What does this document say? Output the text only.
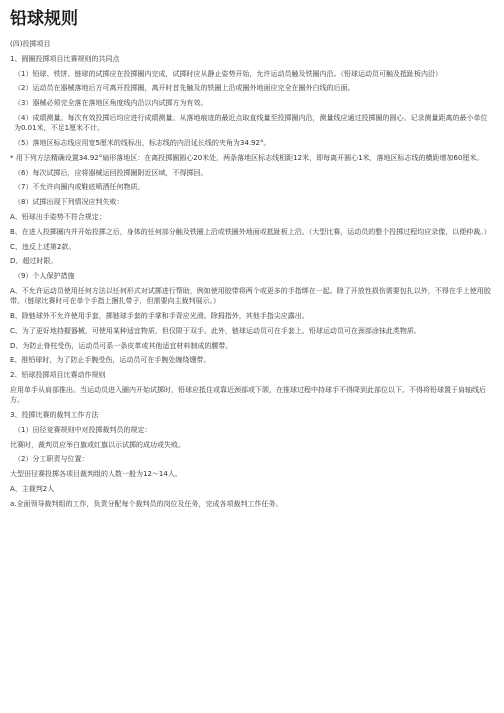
铅球规则

(四)投掷项目

1、圆圈投掷项目比赛规则的共同点

（1）铅球、铁饼、链球的试掷应在投掷圈内完成，试掷时应从静止姿势开始，允许运动员触及铁圈内沿。（铅球运动员可触及抵趾板内沿）

（2）运动员在器械落地后方可离开投掷圈，离开时首先触及的铁圈上沿或圈外地面应完全在圈外白线的后面。

（3）器械必须完全落在落地区角度线内沿以内试掷方为有效。

（4）成绩测量。每次有效投掷后均应进行成绩测量。从落地痕迹的最近点取直线量至投掷圈内沿，测量线应通过投掷圈的圆心。记录测量距离的最小单位为0.01米，不足1厘米不计。

（5）落地区标志线应用宽5厘米的线标出，标志线的内沿延长线的夹角为34.92°。

* 用下列方法精确设置34.92°扇形落地区：在离投掷圈圆心20米处，两条落地区标志线相距12米，即每离开圆心1米，落地区标志线的横距增加60厘米。

（6）每次试掷后，应将器械运回投掷圈附近区域，不得掷回。

（7）不允许向圈内或鞋底喷洒任何物质。

（8）试掷出现下列情况应判失败：

A、铅球出手姿势不符合规定；

B、在进入投掷圈内并开始投掷之后，身体的任何部分触及铁圈上沿或铁圈外地面或抵趾板上沿。（大型比赛，运动员的整个投掷过程均应录像，以便仲裁。）

C、违反上述第2款。

D、超过时限。

（9）个人保护措施

A、不允许运动员使用任何方法以任何形式对试掷进行帮助，例如使用胶带将两个或更多的手指绑在一起。除了开放性损伤需要包扎以外，不得在手上使用胶带。（链球比赛时可在单个手指上捆扎带子，但需要向主裁判展示。）

B、除链球外不允许使用手套，掷链球手套的手掌和手背应光滑。除拇指外，其他手指尖应露出。

C、为了更好地持握器械，可使用某种适宜物质，但仅限于双手。此外，链球运动员可在手套上、铅球运动员可在颈部涂抹此类物质。

D、为防止脊柱受伤，运动员可系一条皮革或其他适宜材料制成的腰带。

E、推铅球时，为了防止手腕受伤，运动员可在手腕处缠绕绷带。

2、铅球投掷项目比赛动作规则

应用单手从肩部推出。当运动员进入圈内开始试掷时，铅球应抵住或靠近颈部或下颌，在推球过程中持球手不得降到此部位以下。不得将铅球置于肩轴线后方。

3、投掷比赛的裁判工作方法

（1）田径竞赛规则中对投掷裁判员的规定：

比赛时，裁判员应举白旗或红旗以示试掷的成功或失败。

（2）分工职责与位置：

大型田径赛投掷各项目裁判组的人数一般为12～14人。

A、主裁判2人

a.全面领导裁判组的工作，负责分配每个裁判员的岗位及任务，完成各项裁判工作任务。
